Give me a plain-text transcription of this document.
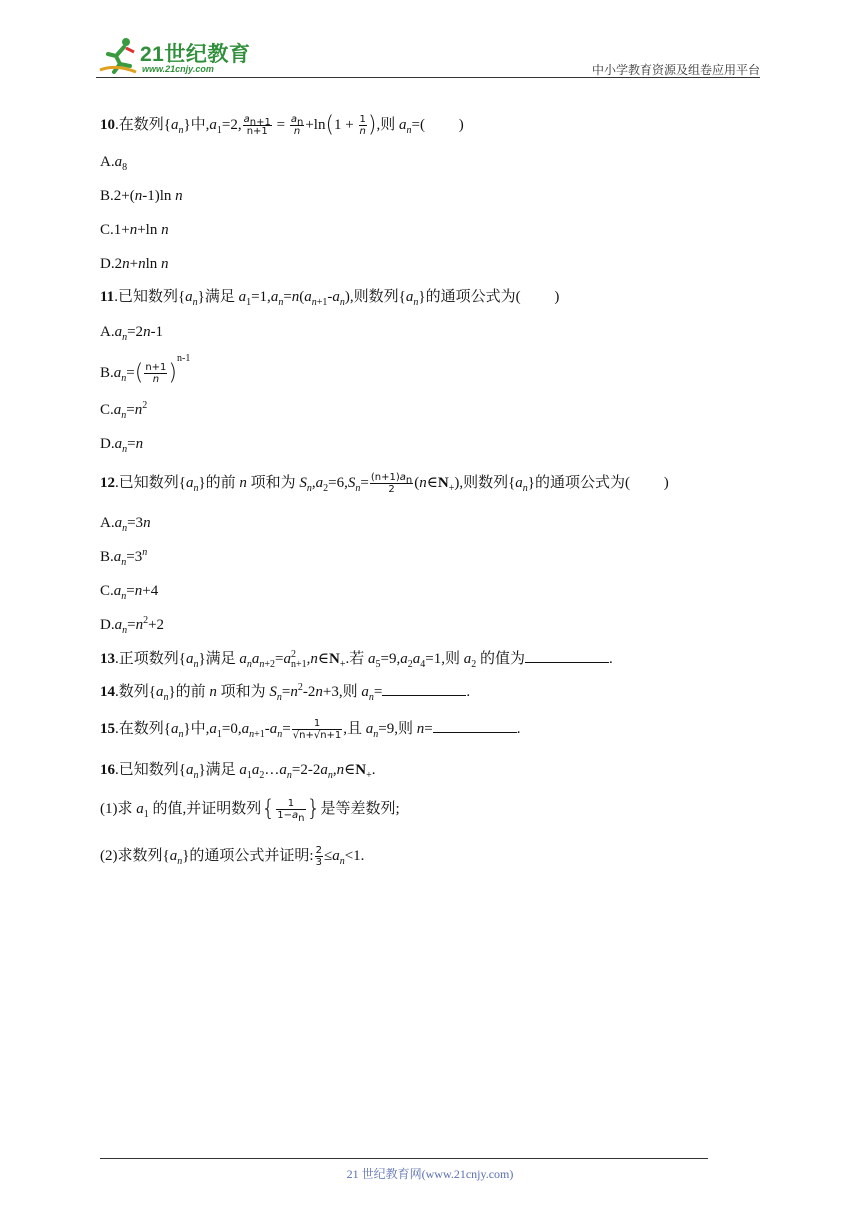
21世纪教育
www.21cnjy.com	中小学教育资源及组卷应用平台
10.在数列$\{a_n\}$中$,a_1=2$, $\frac{a_{n+1}}{n+1} = \frac{a_n}{n} +\ln(1 + \frac{1}{n}$ ),则 $a_n=$(         )
$A.a_8$
B.2+(n-1)ln n
C.1+n+ln n
D.2n+nln n
11.已知数列$\{a_n\}$满足 $a_1=1,a_n=n(a_{n+1}-a_n)$,则数列$\{a_n\}$的通项公式为(         )
$A.a_n=2n-1$
$B.a_n=( \frac{n+1}{n} )^{n-1}$
$C.a_n=n^2$
$D.a_n=n$
12.已知数列$\{a_n\}$的前 n 项和为 $S_n,a_2=6,S_n= \frac{(n+1)a_n}{2}$ $(n\in N_+)$,则数列$\{a_n\}$的通项公式为(         )
$A.a_n=3n$
$B.a_n=3^n$
$C.a_n=n+4$
$D.a_n=n^2+2$
13.正项数列$\{a_n\}$满足 $a_na_{n+2}=a$ 2
n+1 $,n\in N_+$.若 $a_5=9,a_2a_4=1$,则 $a_2$ 的值为	.
14.数列$\{a_n\}$的前 n 项和为 $S_n=n^2-2n+3$,则 $a_n=$	.
15.在数列$\{a_n\}$中$,a_1=0,a_{n+1}-a_n= \frac{1}{√n+√n+1}$ ,且 $a_n=9$,则 n=	.
16.已知数列$\{a_n\}$满足 $a_1a_2\dots a_n=2-2a_n,n\in N_+$.
(1)求 $a_1$ 的值,并证明数列{ $\frac{1}{1-a_n}$ }是等差数列;
(2)求数列$\{a_n\}$的通项公式并证明: $\frac{2}{3} \le a_n<1$.
21 世纪教育网(www.21cnjy.com)
